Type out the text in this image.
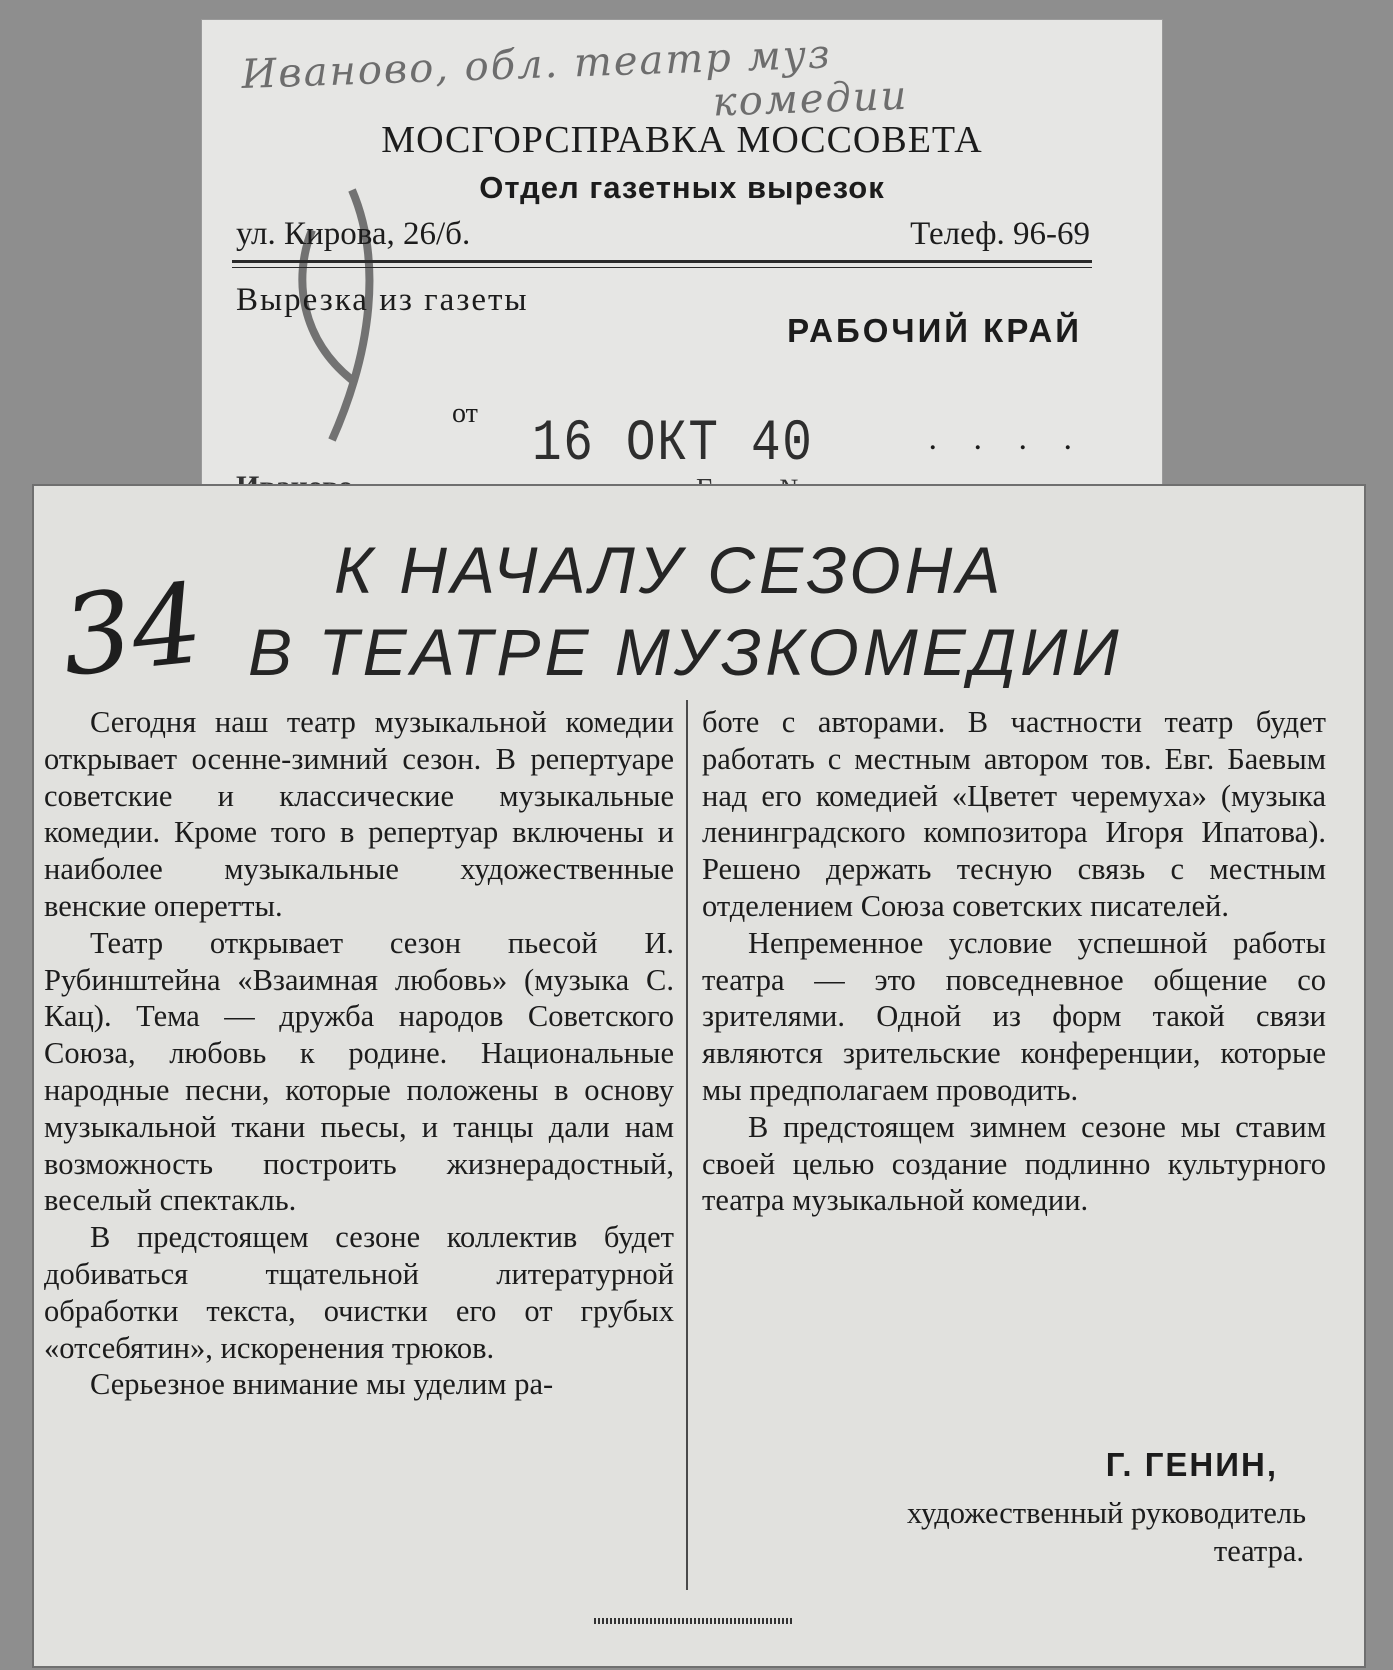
Иваново, обл. театр муз
комедии
МОСГОРСПРАВКА МОССОВЕТА
Отдел газетных вырезок
ул. Кирова, 26/б.	Телеф. 96-69
Вырезка из газеты
РАБОЧИЙ КРАЙ
от 16 ОКТ 40	. . . .
К НАЧАЛУ СЕЗОНА
В ТЕАТРЕ МУЗКОМЕДИИ
34

Сегодня наш театр музыкальной комедии открывает осенне-зимний сезон. В репертуаре советские и классические музыкальные комедии. Кроме того в репертуар включены и наиболее музыкальные художественные венские оперетты.

Театр открывает сезон пьесой И. Рубинштейна «Взаимная любовь» (музыка С. Кац). Тема — дружба народов Советского Союза, любовь к родине. Национальные народные песни, которые положены в основу музыкальной ткани пьесы, и танцы дали нам возможность построить жизнерадостный, веселый спектакль.

В предстоящем сезоне коллектив будет добиваться тщательной литературной обработки текста, очистки его от грубых «отсебятин», искоренения трюков.

Серьезное внимание мы уделим ра-

боте с авторами. В частности театр будет работать с местным автором тов. Евг. Баевым над его комедией «Цветет черемуха» (музыка ленинградского композитора Игоря Ипатова). Решено держать тесную связь с местным отделением Союза советских писателей.

Непременное условие успешной работы театра — это повседневное общение со зрителями. Одной из форм такой связи являются зрительские конференции, которые мы предполагаем проводить.

В предстоящем зимнем сезоне мы ставим своей целью создание подлинно культурного театра музыкальной комедии.

Г. ГЕНИН,
художественный руководитель
театра.
